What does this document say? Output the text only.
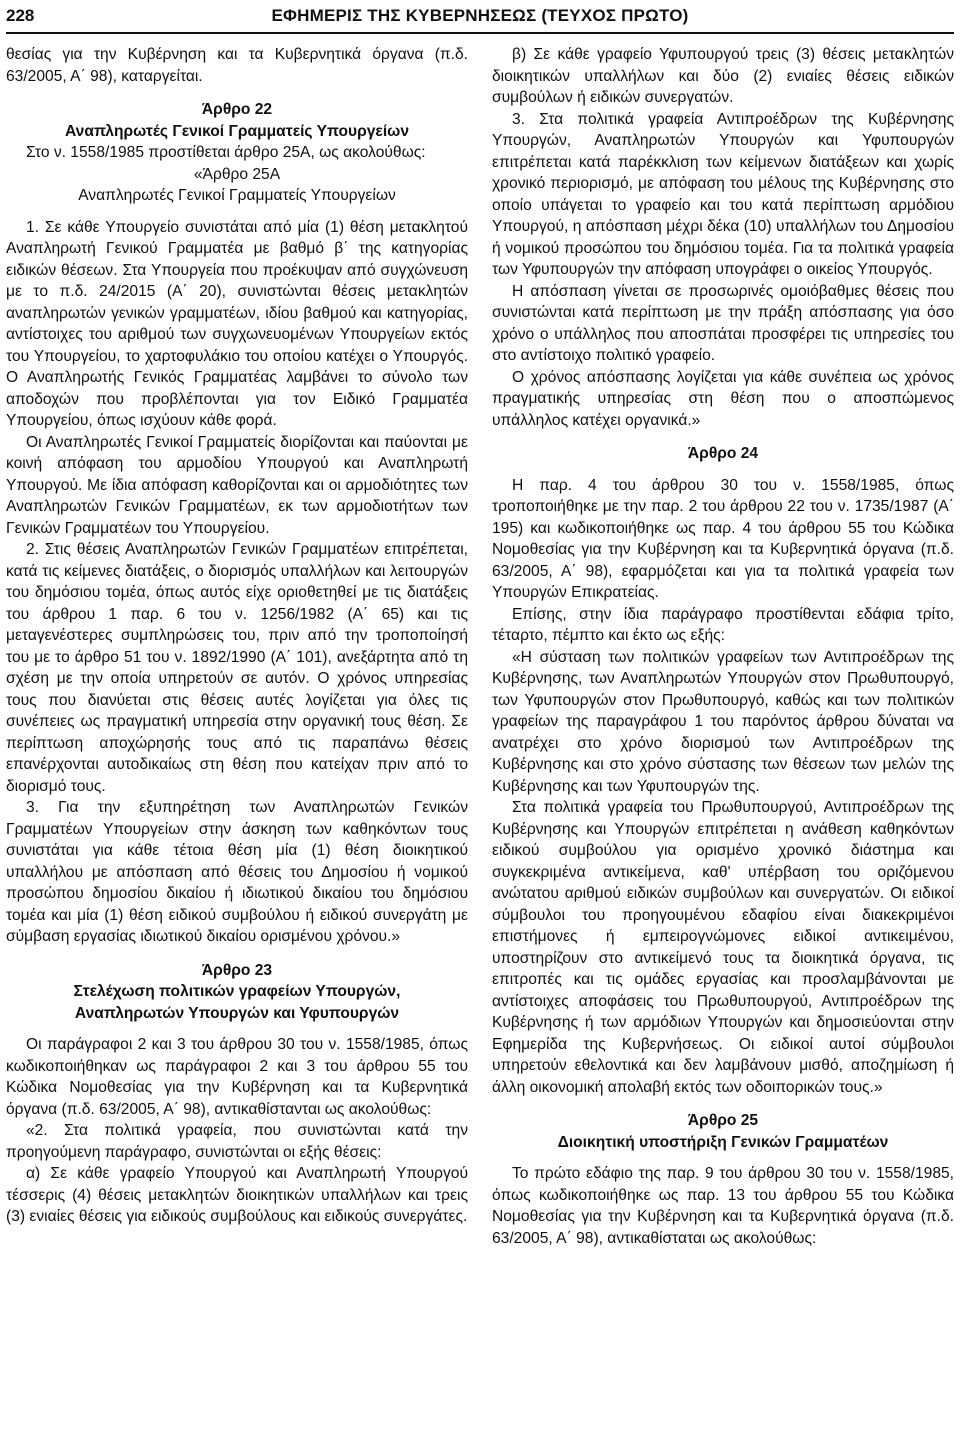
228	ΕΦΗΜΕΡΙΣ ΤΗΣ ΚΥΒΕΡΝΗΣΕΩΣ (ΤΕΥΧΟΣ ΠΡΩΤΟ)

θεσίας για την Κυβέρνηση και τα Κυβερνητικά όργανα (π.δ. 63/2005, Α΄ 98), καταργείται.

Άρθρο 22

Αναπληρωτές Γενικοί Γραμματείς Υπουργείων

Στο ν. 1558/1985 προστίθεται άρθρο 25Α, ως ακολούθως:

«Άρθρο 25Α

Αναπληρωτές Γενικοί Γραμματείς Υπουργείων

1. Σε κάθε Υπουργείο συνιστάται από μία (1) θέση μετακλητού Αναπληρωτή Γενικού Γραμματέα με βαθμό β΄ της κατηγορίας ειδικών θέσεων. Στα Υπουργεία που προέκυψαν από συγχώνευση με το π.δ. 24/2015 (Α΄ 20), συνιστώνται θέσεις μετακλητών αναπληρωτών γενικών γραμματέων, ιδίου βαθμού και κατηγορίας, αντίστοιχες του αριθμού των συγχωνευομένων Υπουργείων εκτός του Υπουργείου, το χαρτοφυλάκιο του οποίου κατέχει ο Υπουργός. Ο Αναπληρωτής Γενικός Γραμματέας λαμβάνει το σύνολο των αποδοχών που προβλέπονται για τον Ειδικό Γραμματέα Υπουργείου, όπως ισχύουν κάθε φορά.

Οι Αναπληρωτές Γενικοί Γραμματείς διορίζονται και παύονται με κοινή απόφαση του αρμοδίου Υπουργού και Αναπληρωτή Υπουργού. Με ίδια απόφαση καθορίζονται και οι αρμοδιότητες των Αναπληρωτών Γενικών Γραμματέων, εκ των αρμοδιοτήτων των Γενικών Γραμματέων του Υπουργείου.

2. Στις θέσεις Αναπληρωτών Γενικών Γραμματέων επιτρέπεται, κατά τις κείμενες διατάξεις, ο διορισμός υπαλλήλων και λειτουργών του δημόσιου τομέα, όπως αυτός είχε οριοθετηθεί με τις διατάξεις του άρθρου 1 παρ. 6 του ν. 1256/1982 (Α΄ 65) και τις μεταγενέστερες συμπληρώσεις του, πριν από την τροποποίησή του με το άρθρο 51 του ν. 1892/1990 (Α΄ 101), ανεξάρτητα από τη σχέση με την οποία υπηρετούν σε αυτόν. Ο χρόνος υπηρεσίας τους που διανύεται στις θέσεις αυτές λογίζεται για όλες τις συνέπειες ως πραγματική υπηρεσία στην οργανική τους θέση. Σε περίπτωση αποχώρησής τους από τις παραπάνω θέσεις επανέρχονται αυτοδικαίως στη θέση που κατείχαν πριν από το διορισμό τους.

3. Για την εξυπηρέτηση των Αναπληρωτών Γενικών Γραμματέων Υπουργείων στην άσκηση των καθηκόντων τους συνιστάται για κάθε τέτοια θέση μία (1) θέση διοικητικού υπαλλήλου με απόσπαση από θέσεις του Δημοσίου ή νομικού προσώπου δημοσίου δικαίου ή ιδιωτικού δικαίου του δημόσιου τομέα και μία (1) θέση ειδικού συμβούλου ή ειδικού συνεργάτη με σύμβαση εργασίας ιδιωτικού δικαίου ορισμένου χρόνου.»

Άρθρο 23

Στελέχωση πολιτικών γραφείων Υπουργών,

Αναπληρωτών Υπουργών και Υφυπουργών

Οι παράγραφοι 2 και 3 του άρθρου 30 του ν. 1558/1985, όπως κωδικοποιήθηκαν ως παράγραφοι 2 και 3 του άρθρου 55 του Κώδικα Νομοθεσίας για την Κυβέρνηση και τα Κυβερνητικά όργανα (π.δ. 63/2005, Α΄ 98), αντικαθίστανται ως ακολούθως:

«2. Στα πολιτικά γραφεία, που συνιστώνται κατά την προηγούμενη παράγραφο, συνιστώνται οι εξής θέσεις:

α) Σε κάθε γραφείο Υπουργού και Αναπληρωτή Υπουργού τέσσερις (4) θέσεις μετακλητών διοικητικών υπαλλήλων και τρεις (3) ενιαίες θέσεις για ειδικούς συμβούλους και ειδικούς συνεργάτες.

β) Σε κάθε γραφείο Υφυπουργού τρεις (3) θέσεις μετακλητών διοικητικών υπαλλήλων και δύο (2) ενιαίες θέσεις ειδικών συμβούλων ή ειδικών συνεργατών.

3. Στα πολιτικά γραφεία Αντιπροέδρων της Κυβέρνησης Υπουργών, Αναπληρωτών Υπουργών και Υφυπουργών επιτρέπεται κατά παρέκκλιση των κείμενων διατάξεων και χωρίς χρονικό περιορισμό, με απόφαση του μέλους της Κυβέρνησης στο οποίο υπάγεται το γραφείο και του κατά περίπτωση αρμόδιου Υπουργού, η απόσπαση μέχρι δέκα (10) υπαλλήλων του Δημοσίου ή νομικού προσώπου του δημόσιου τομέα. Για τα πολιτικά γραφεία των Υφυπουργών την απόφαση υπογράφει ο οικείος Υπουργός.

Η απόσπαση γίνεται σε προσωρινές ομοιόβαθμες θέσεις που συνιστώνται κατά περίπτωση με την πράξη απόσπασης για όσο χρόνο ο υπάλληλος που αποσπάται προσφέρει τις υπηρεσίες του στο αντίστοιχο πολιτικό γραφείο.

Ο χρόνος απόσπασης λογίζεται για κάθε συνέπεια ως χρόνος πραγματικής υπηρεσίας στη θέση που ο αποσπώμενος υπάλληλος κατέχει οργανικά.»

Άρθρο 24

Η παρ. 4 του άρθρου 30 του ν. 1558/1985, όπως τροποποιήθηκε με την παρ. 2 του άρθρου 22 του ν. 1735/1987 (Α΄ 195) και κωδικοποιήθηκε ως παρ. 4 του άρθρου 55 του Κώδικα Νομοθεσίας για την Κυβέρνηση και τα Κυβερνητικά όργανα (π.δ. 63/2005, Α΄ 98), εφαρμόζεται και για τα πολιτικά γραφεία των Υπουργών Επικρατείας.

Επίσης, στην ίδια παράγραφο προστίθενται εδάφια τρίτο, τέταρτο, πέμπτο και έκτο ως εξής:

«Η σύσταση των πολιτικών γραφείων των Αντιπροέδρων της Κυβέρνησης, των Αναπληρωτών Υπουργών στον Πρωθυπουργό, των Υφυπουργών στον Πρωθυπουργό, καθώς και των πολιτικών γραφείων της παραγράφου 1 του παρόντος άρθρου δύναται να ανατρέχει στο χρόνο διορισμού των Αντιπροέδρων της Κυβέρνησης και στο χρόνο σύστασης των θέσεων των μελών της Κυβέρνησης και των Υφυπουργών της.

Στα πολιτικά γραφεία του Πρωθυπουργού, Αντιπροέδρων της Κυβέρνησης και Υπουργών επιτρέπεται η ανάθεση καθηκόντων ειδικού συμβούλου για ορισμένο χρονικό διάστημα και συγκεκριμένα αντικείμενα, καθ' υπέρβαση του οριζόμενου ανώτατου αριθμού ειδικών συμβούλων και συνεργατών. Οι ειδικοί σύμβουλοι του προηγουμένου εδαφίου είναι διακεκριμένοι επιστήμονες ή εμπειρογνώμονες ειδικοί αντικειμένου, υποστηρίζουν στο αντικείμενό τους τα διοικητικά όργανα, τις επιτροπές και τις ομάδες εργασίας και προσλαμβάνονται με αντίστοιχες αποφάσεις του Πρωθυπουργού, Αντιπροέδρων της Κυβέρνησης ή των αρμόδιων Υπουργών και δημοσιεύονται στην Εφημερίδα της Κυβερνήσεως. Οι ειδικοί αυτοί σύμβουλοι υπηρετούν εθελοντικά και δεν λαμβάνουν μισθό, αποζημίωση ή άλλη οικονομική απολαβή εκτός των οδοιπορικών τους.»

Άρθρο 25

Διοικητική υποστήριξη Γενικών Γραμματέων

Το πρώτο εδάφιο της παρ. 9 του άρθρου 30 του ν. 1558/1985, όπως κωδικοποιήθηκε ως παρ. 13 του άρθρου 55 του Κώδικα Νομοθεσίας για την Κυβέρνηση και τα Κυβερνητικά όργανα (π.δ. 63/2005, Α΄ 98), αντικαθίσταται ως ακολούθως:
